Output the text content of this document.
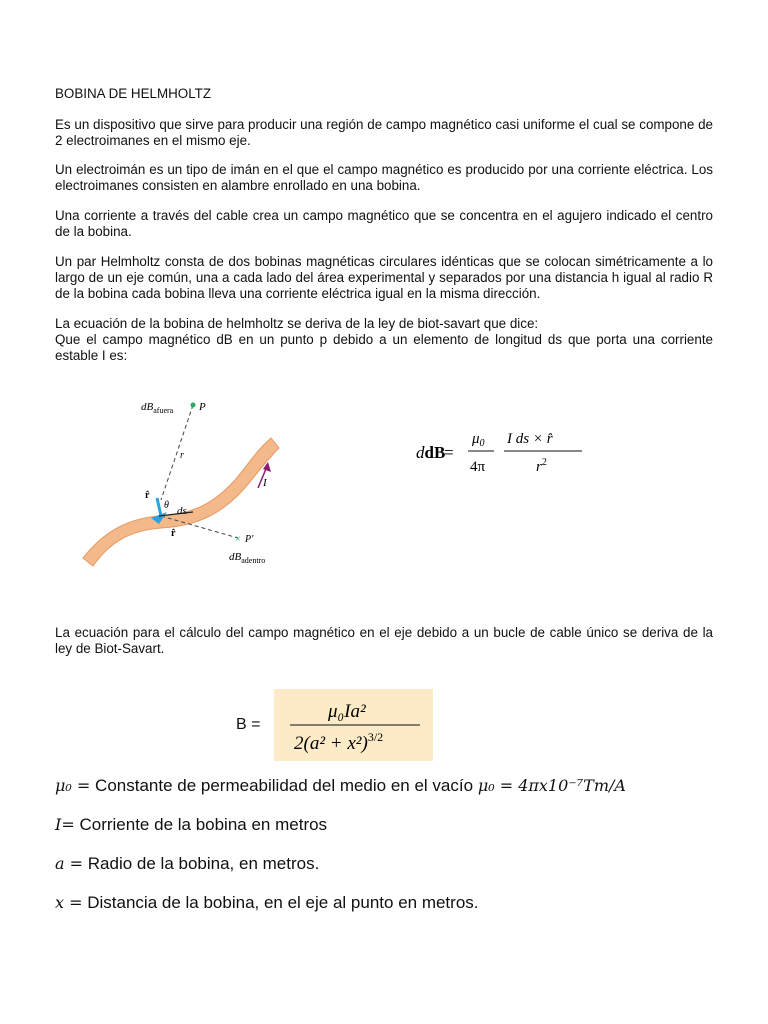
BOBINA DE HELMHOLTZ

Es un dispositivo que sirve para producir una región de campo magnético casi uniforme el cual se compone de 2 electroimanes en el mismo eje.

Un electroimán es un tipo de imán en el que el campo magnético es producido por una corriente eléctrica. Los electroimanes consisten en alambre enrollado en una bobina.

Una corriente a través del cable crea un campo magnético que se concentra en el agujero indicado el centro de la bobina.

Un par Helmholtz consta de dos bobinas magnéticas circulares idénticas que se colocan simétricamente a lo largo de un eje común, una a cada lado del área experimental y separados por una distancia h igual al radio R de la bobina cada bobina lleva una corriente eléctrica igual en la misma dirección.

La ecuación de la bobina de helmholtz se deriva de la ley de biot-savart que dice:

Que el campo magnético dB en un punto p debido a un elemento de longitud ds que porta una corriente estable I es:

P
$dB_{afuera}$
r
r̂
θ ds
r̂
× P′
$dB_{adentro}$
I
ddB
=
$\mu_0$
4π
I ds × r̂
$r^2$

La ecuación para el cálculo del campo magnético en el eje debido a un bucle de cable único se deriva de la ley de Biot-Savart.

B =
μ₀Ia²
$2(a^2 + x^2)^{3/2}$
μ₀ = Constante de permeabilidad del medio en el vacío μ₀ = 4πx10⁻⁷Tm/A
I= Corriente de la bobina en metros
a = Radio de la bobina, en metros.
x = Distancia de la bobina, en el eje al punto en metros.
